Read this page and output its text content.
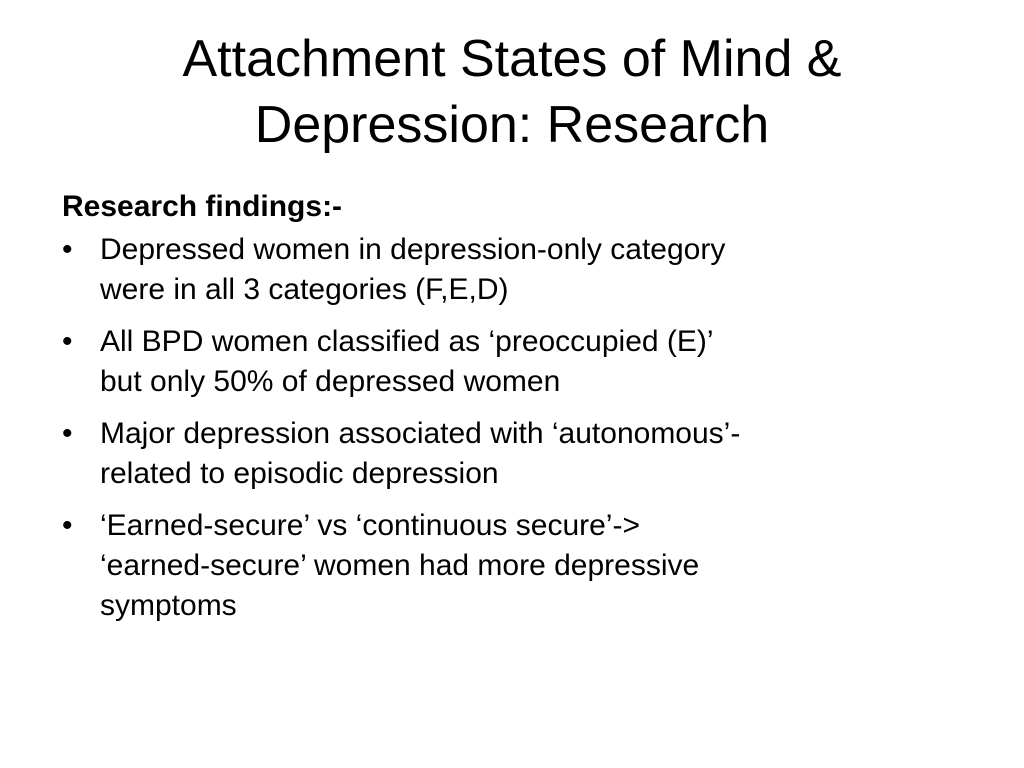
Attachment States of Mind &
Depression: Research
Research findings:-
• Depressed women in depression-only category
were in all 3 categories (F,E,D)
• All BPD women classified as ‘preoccupied (E)’
but only 50% of depressed women
• Major depression associated with ‘autonomous’-
related to episodic depression
• ‘Earned-secure’ vs ‘continuous secure’->
‘earned-secure’ women had more depressive
symptoms
